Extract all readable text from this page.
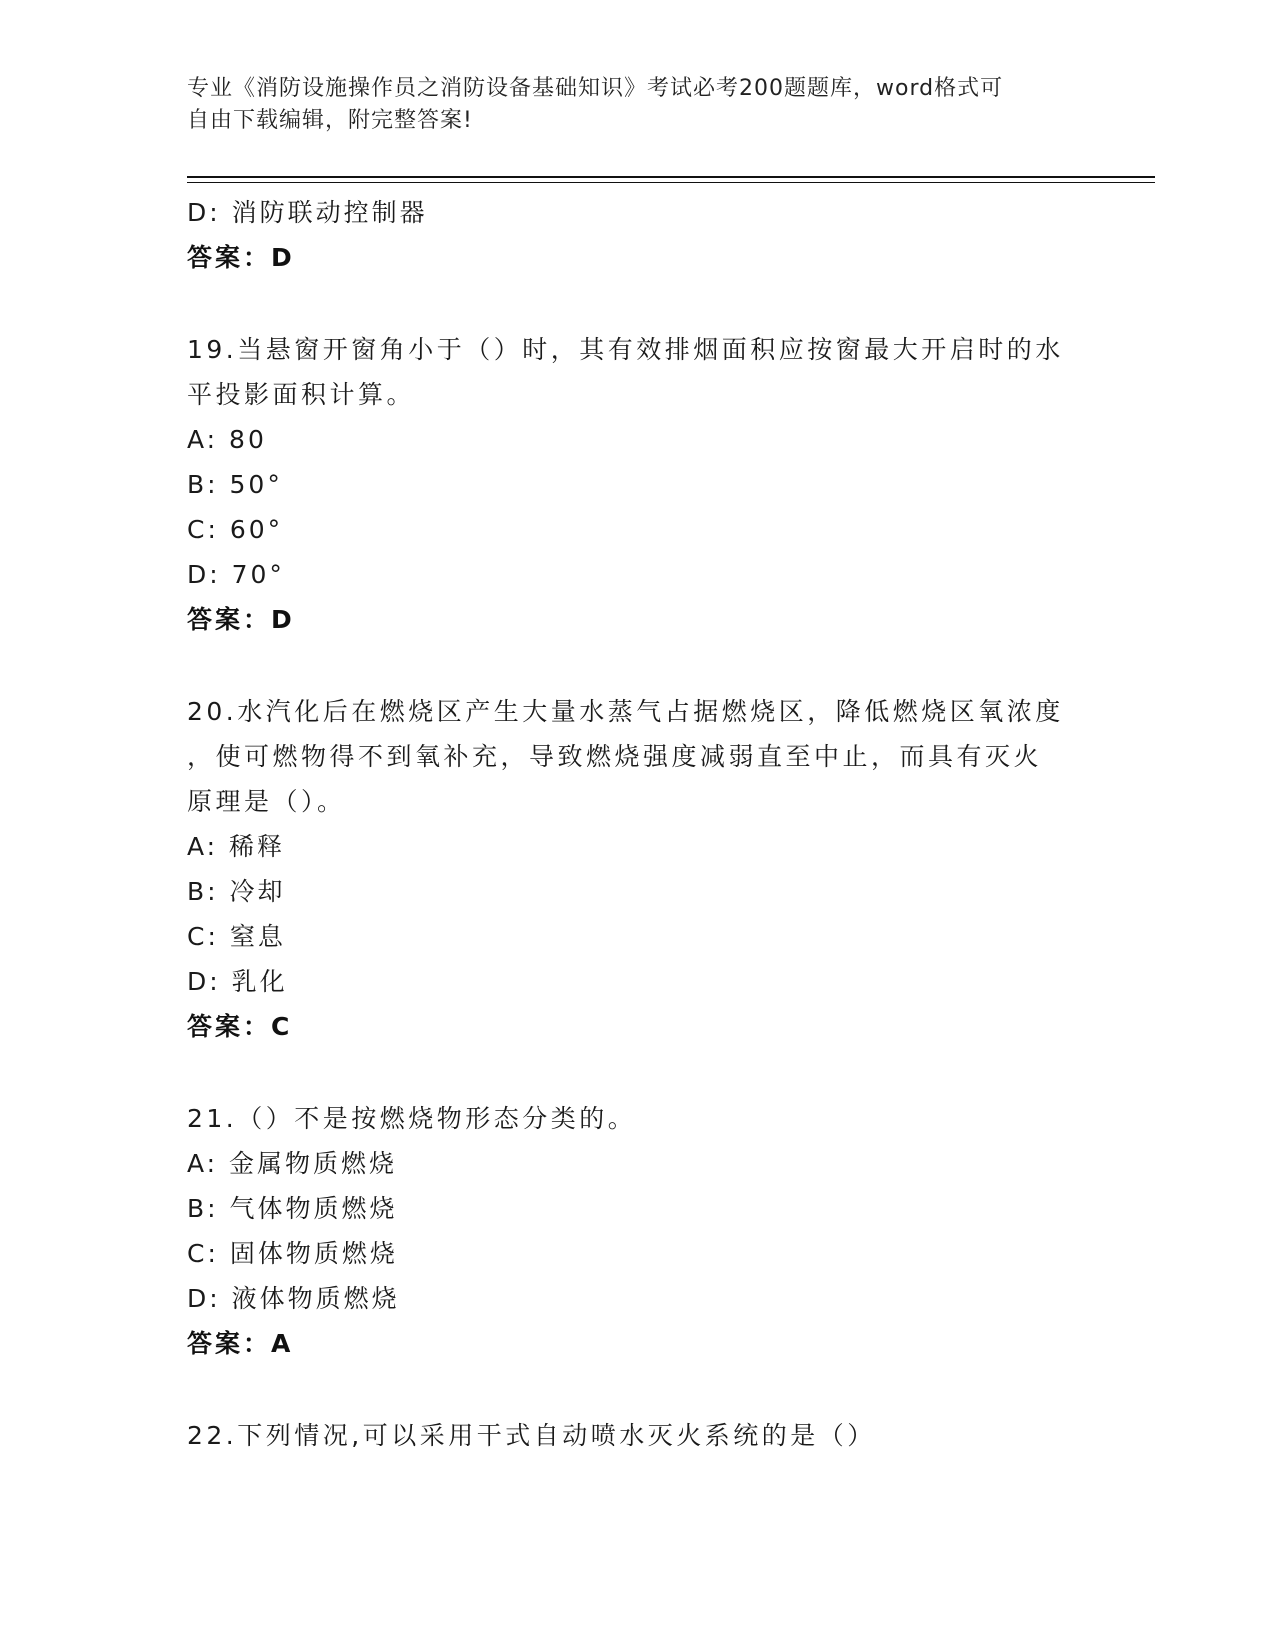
专业《消防设施操作员之消防设备基础知识》考试必考200题题库，word格式可
自由下载编辑，附完整答案!
D: 消防联动控制器
答案：D
19.当悬窗开窗角小于（）时，其有效排烟面积应按窗最大开启时的水
平投影面积计算。
A: 80
B: 50°
C: 60°
D: 70°
答案：D
20.水汽化后在燃烧区产生大量水蒸气占据燃烧区，降低燃烧区氧浓度
，使可燃物得不到氧补充，导致燃烧强度减弱直至中止，而具有灭火
原理是（）。
A: 稀释
B: 冷却
C: 窒息
D: 乳化
答案：C
21.（）不是按燃烧物形态分类的。
A: 金属物质燃烧
B: 气体物质燃烧
C: 固体物质燃烧
D: 液体物质燃烧
答案：A
22.下列情况,可以采用干式自动喷水灭火系统的是（）
